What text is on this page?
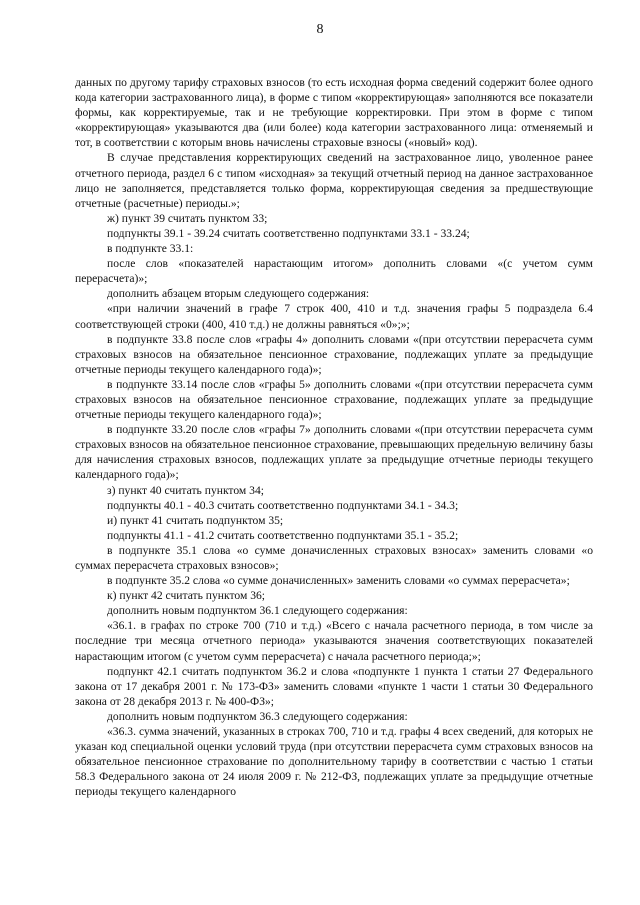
8

данных по другому тарифу страховых взносов (то есть исходная форма сведений содержит более одного кода категории застрахованного лица), в форме с типом «корректирующая» заполняются все показатели формы, как корректируемые, так и не требующие корректировки. При этом в форме с типом «корректирующая» указываются два (или более) кода категории застрахованного лица: отменяемый и тот, в соответствии с которым вновь начислены страховые взносы («новый» код).

В случае представления корректирующих сведений на застрахованное лицо, уволенное ранее отчетного периода, раздел 6 с типом «исходная» за текущий отчетный период на данное застрахованное лицо не заполняется, представляется только форма, корректирующая сведения за предшествующие отчетные (расчетные) периоды.»;

ж) пункт 39 считать пунктом 33;

подпункты 39.1 - 39.24 считать соответственно подпунктами 33.1 - 33.24;

в подпункте 33.1:

после слов «показателей нарастающим итогом» дополнить словами «(с учетом сумм перерасчета)»;

дополнить абзацем вторым следующего содержания:

«при наличии значений в графе 7 строк 400, 410 и т.д. значения графы 5 подраздела 6.4 соответствующей строки (400, 410 т.д.) не должны равняться «0»;»;

в подпункте 33.8 после слов «графы 4» дополнить словами «(при отсутствии перерасчета сумм страховых взносов на обязательное пенсионное страхование, подлежащих уплате за предыдущие отчетные периоды текущего календарного года)»;

в подпункте 33.14 после слов «графы 5» дополнить словами «(при отсутствии перерасчета сумм страховых взносов на обязательное пенсионное страхование, подлежащих уплате за предыдущие отчетные периоды текущего календарного года)»;

в подпункте 33.20 после слов «графы 7» дополнить словами «(при отсутствии перерасчета сумм страховых взносов на обязательное пенсионное страхование, превышающих предельную величину базы для начисления страховых взносов, подлежащих уплате за предыдущие отчетные периоды текущего календарного года)»;

з) пункт 40 считать пунктом 34;

подпункты 40.1 - 40.3 считать соответственно подпунктами 34.1 - 34.3;

и) пункт 41 считать подпунктом 35;

подпункты 41.1 - 41.2 считать соответственно подпунктами 35.1 - 35.2;

в подпункте 35.1 слова «о сумме доначисленных страховых взносах» заменить словами «о суммах перерасчета страховых взносов»;

в подпункте 35.2 слова «о сумме доначисленных» заменить словами «о суммах перерасчета»;

к) пункт 42 считать пунктом 36;

дополнить новым подпунктом 36.1 следующего содержания:

«36.1. в графах по строке 700 (710 и т.д.) «Всего с начала расчетного периода, в том числе за последние три месяца отчетного периода» указываются значения соответствующих показателей нарастающим итогом (с учетом сумм перерасчета) с начала расчетного периода;»;

подпункт 42.1 считать подпунктом 36.2 и слова «подпункте 1 пункта 1 статьи 27 Федерального закона от 17 декабря 2001 г. № 173-ФЗ» заменить словами «пункте 1 части 1 статьи 30 Федерального закона от 28 декабря 2013 г. № 400-ФЗ»;

дополнить новым подпунктом 36.3 следующего содержания:

«36.3. сумма значений, указанных в строках 700, 710 и т.д. графы 4 всех сведений, для которых не указан код специальной оценки условий труда (при отсутствии перерасчета сумм страховых взносов на обязательное пенсионное страхование по дополнительному тарифу в соответствии с частью 1 статьи 58.3 Федерального закона от 24 июля 2009 г. № 212-ФЗ, подлежащих уплате за предыдущие отчетные периоды текущего календарного
